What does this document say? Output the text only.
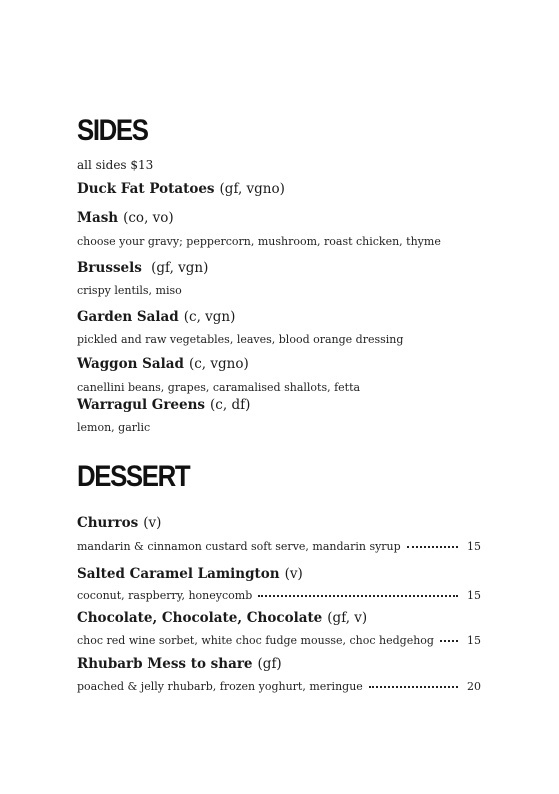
SIDES
all sides $13
Duck Fat Potatoes (gf, vgno)
Mash (co, vo)
choose your gravy; peppercorn, mushroom, roast chicken, thyme
Brussels (gf, vgn)
crispy lentils, miso
Garden Salad (c, vgn)
pickled and raw vegetables, leaves, blood orange dressing
Waggon Salad (c, vgno)
canellini beans, grapes, caramalised shallots, fetta
Warragul Greens (c, df)
lemon, garlic
DESSERT
Churros (v)
mandarin & cinnamon custard soft serve, mandarin syrup	15
Salted Caramel Lamington (v)
coconut, raspberry, honeycomb	15
Chocolate, Chocolate, Chocolate (gf, v)
choc red wine sorbet, white choc fudge mousse, choc hedgehog	15
Rhubarb Mess to share (gf)
poached & jelly rhubarb, frozen yoghurt, meringue	20
